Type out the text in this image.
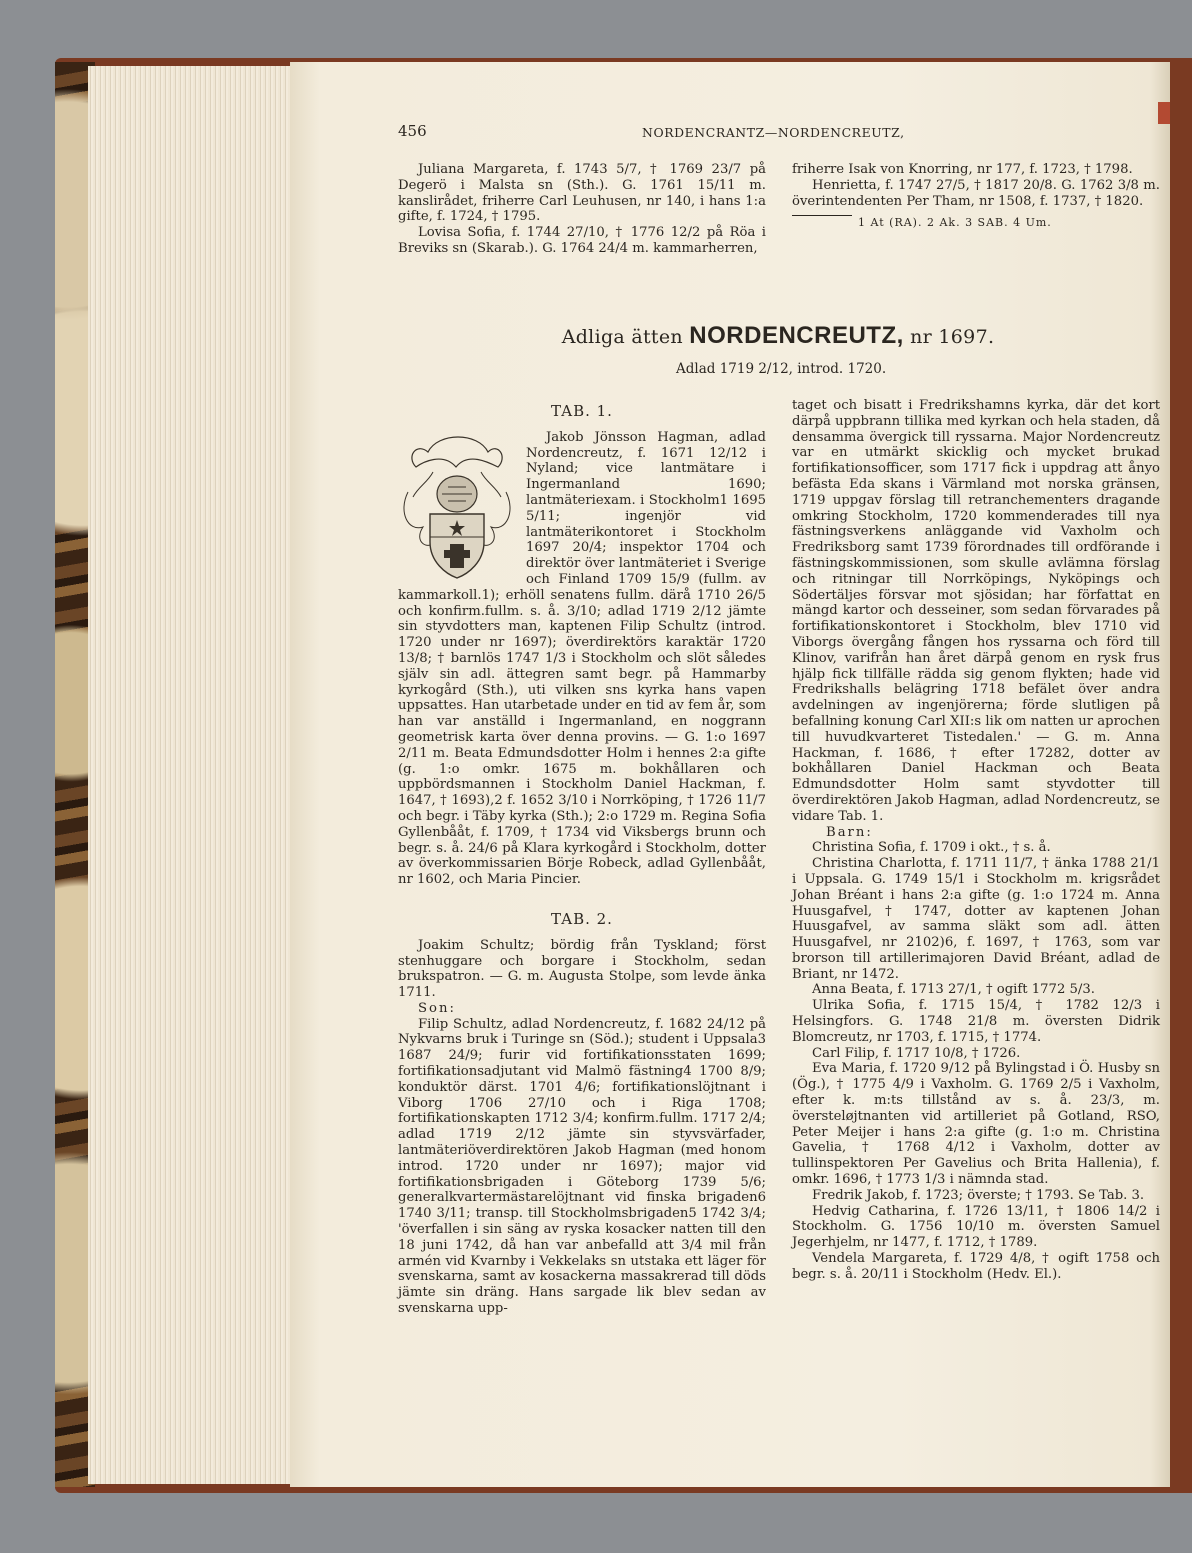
456	NORDENCRANTZ—NORDENCREUTZ,

Juliana Margareta, f. 1743 5/7, † 1769 23/7 på Degerö i Malsta sn (Sth.). G. 1761 15/11 m. kanslirådet, friherre Carl Leuhusen, nr 140, i hans 1:a gifte, f. 1724, † 1795.

Lovisa Sofia, f. 1744 27/10, † 1776 12/2 på Röa i Breviks sn (Skarab.). G. 1764 24/4 m. kammarherren,

friherre Isak von Knorring, nr 177, f. 1723, † 1798.

Henrietta, f. 1747 27/5, † 1817 20/8. G. 1762 3/8 m. överintendenten Per Tham, nr 1508, f. 1737, † 1820.

1 At (RA). 2 Ak. 3 SAB. 4 Um.
Adliga ätten NORDENCREUTZ, nr 1697.
Adlad 1719 2/12, introd. 1720.
TAB. 1.

Jakob Jönsson Hagman, adlad Nordencreutz, f. 1671 12/12 i Nyland; vice lantmätare i Ingermanland 1690; lantmäteriexam. i Stockholm1 1695 5/11; ingenjör vid lantmäterikontoret i Stockholm 1697 20/4; inspektor 1704 och direktör över lantmäteriet i Sverige och Finland 1709 15/9 (fullm. av kammarkoll.1); erhöll senatens fullm. därå 1710 26/5 och konfirm.fullm. s. å. 3/10; adlad 1719 2/12 jämte sin styvdotters man, kaptenen Filip Schultz (introd. 1720 under nr 1697); överdirektörs karaktär 1720 13/8; † barnlös 1747 1/3 i Stockholm och slöt således själv sin adl. ättegren samt begr. på Hammarby kyrkogård (Sth.), uti vilken sns kyrka hans vapen uppsattes. Han utarbetade under en tid av fem år, som han var anställd i Ingermanland, en noggrann geometrisk karta över denna provins. — G. 1:o 1697 2/11 m. Beata Edmundsdotter Holm i hennes 2:a gifte (g. 1:o omkr. 1675 m. bokhållaren och uppbördsmannen i Stockholm Daniel Hackman, f. 1647, † 1693),2 f. 1652 3/10 i Norrköping, † 1726 11/7 och begr. i Täby kyrka (Sth.); 2:o 1729 m. Regina Sofia Gyllenbååt, f. 1709, † 1734 vid Viksbergs brunn och begr. s. å. 24/6 på Klara kyrkogård i Stockholm, dotter av överkommissarien Börje Robeck, adlad Gyllenbååt, nr 1602, och Maria Pincier.

TAB. 2.

Joakim Schultz; bördig från Tyskland; först stenhuggare och borgare i Stockholm, sedan brukspatron. — G. m. Augusta Stolpe, som levde änka 1711.

Son:

Filip Schultz, adlad Nordencreutz, f. 1682 24/12 på Nykvarns bruk i Turinge sn (Söd.); student i Uppsala3 1687 24/9; furir vid fortifikationsstaten 1699; fortifikationsadjutant vid Malmö fästning4 1700 8/9; konduktör därst. 1701 4/6; fortifikationslöjtnant i Viborg 1706 27/10 och i Riga 1708; fortifikationskapten 1712 3/4; konfirm.fullm. 1717 2/4; adlad 1719 2/12 jämte sin styvsvärfader, lantmäteriöverdirektören Jakob Hagman (med honom introd. 1720 under nr 1697); major vid fortifikationsbrigaden i Göteborg 1739 5/6; generalkvartermästarelöjtnant vid finska brigaden6 1740 3/11; transp. till Stockholmsbrigaden5 1742 3/4; 'överfallen i sin säng av ryska kosacker natten till den 18 juni 1742, då han var anbefalld att 3/4 mil från armén vid Kvarnby i Vekkelaks sn utstaka ett läger för svenskarna, samt av kosackerna massakrerad till döds jämte sin dräng. Hans sargade lik blev sedan av svenskarna upp-

taget och bisatt i Fredrikshamns kyrka, där det kort därpå uppbrann tillika med kyrkan och hela staden, då densamma övergick till ryssarna. Major Nordencreutz var en utmärkt skicklig och mycket brukad fortifikationsofficer, som 1717 fick i uppdrag att ånyo befästa Eda skans i Värmland mot norska gränsen, 1719 uppgav förslag till retranchementers dragande omkring Stockholm, 1720 kommenderades till nya fästningsverkens anläggande vid Vaxholm och Fredriksborg samt 1739 förordnades till ordförande i fästningskommissionen, som skulle avlämna förslag och ritningar till Norrköpings, Nyköpings och Södertäljes försvar mot sjösidan; har författat en mängd kartor och desseiner, som sedan förvarades på fortifikationskontoret i Stockholm, blev 1710 vid Viborgs övergång fången hos ryssarna och förd till Klinov, varifrån han året därpå genom en rysk frus hjälp fick tillfälle rädda sig genom flykten; hade vid Fredrikshalls belägring 1718 befälet över andra avdelningen av ingenjörerna; förde slutligen på befallning konung Carl XII:s lik om natten ur aprochen till huvudkvarteret Tistedalen.' — G. m. Anna Hackman, f. 1686, † efter 17282, dotter av bokhållaren Daniel Hackman och Beata Edmundsdotter Holm samt styvdotter till överdirektören Jakob Hagman, adlad Nordencreutz, se vidare Tab. 1.

Barn:

Christina Sofia, f. 1709 i okt., † s. å.

Christina Charlotta, f. 1711 11/7, † änka 1788 21/1 i Uppsala. G. 1749 15/1 i Stockholm m. krigsrådet Johan Bréant i hans 2:a gifte (g. 1:o 1724 m. Anna Huusgafvel, † 1747, dotter av kaptenen Johan Huusgafvel, av samma släkt som adl. ätten Huusgafvel, nr 2102)6, f. 1697, † 1763, som var brorson till artillerimajoren David Bréant, adlad de Briant, nr 1472.

Anna Beata, f. 1713 27/1, † ogift 1772 5/3.

Ulrika Sofia, f. 1715 15/4, † 1782 12/3 i Helsingfors. G. 1748 21/8 m. översten Didrik Blomcreutz, nr 1703, f. 1715, † 1774.

Carl Filip, f. 1717 10/8, † 1726.

Eva Maria, f. 1720 9/12 på Bylingstad i Ö. Husby sn (Ög.), † 1775 4/9 i Vaxholm. G. 1769 2/5 i Vaxholm, efter k. m:ts tillstånd av s. å. 23/3, m. översteløjtnanten vid artilleriet på Gotland, RSO, Peter Meijer i hans 2:a gifte (g. 1:o m. Christina Gavelia, † 1768 4/12 i Vaxholm, dotter av tullinspektoren Per Gavelius och Brita Hallenia), f. omkr. 1696, † 1773 1/3 i nämnda stad.

Fredrik Jakob, f. 1723; överste; † 1793. Se Tab. 3.

Hedvig Catharina, f. 1726 13/11, † 1806 14/2 i Stockholm. G. 1756 10/10 m. översten Samuel Jegerhjelm, nr 1477, f. 1712, † 1789.

Vendela Margareta, f. 1729 4/8, † ogift 1758 och begr. s. å. 20/11 i Stockholm (Hedv. El.).
